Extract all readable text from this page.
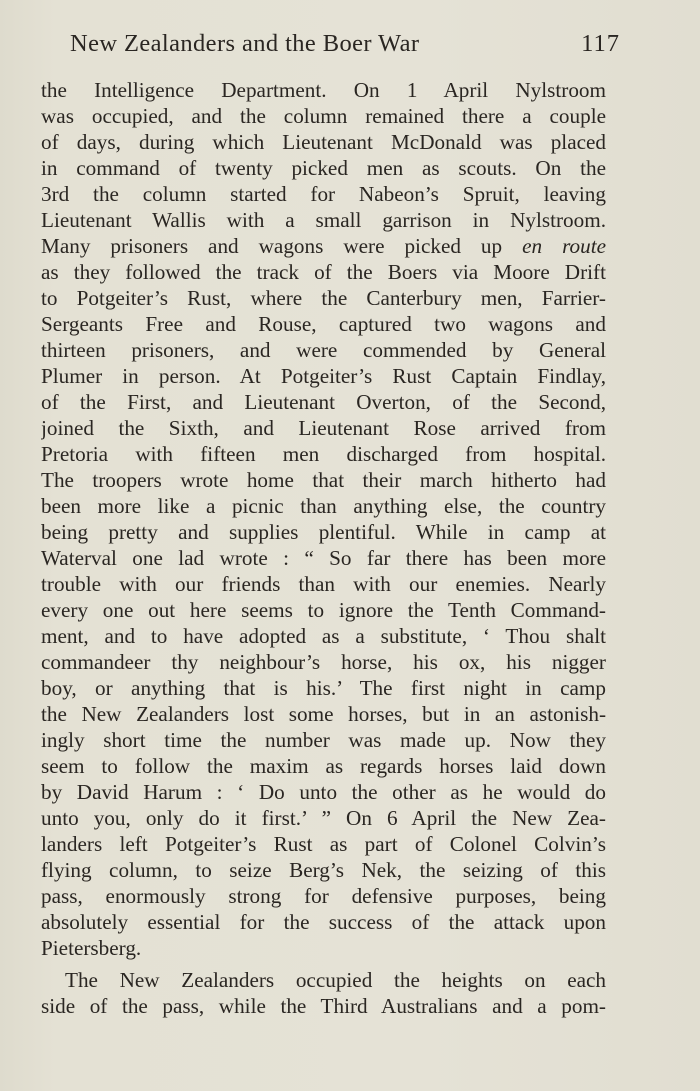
New Zealanders and the Boer War	117
the Intelligence Department. On 1 April Nylstroom
was occupied, and the column remained there a couple
of days, during which Lieutenant McDonald was placed
in command of twenty picked men as scouts. On the
3rd the column started for Nabeon’s Spruit, leaving
Lieutenant Wallis with a small garrison in Nylstroom.
Many prisoners and wagons were picked up en route
as they followed the track of the Boers via Moore Drift
to Potgeiter’s Rust, where the Canterbury men, Farrier-
Sergeants Free and Rouse, captured two wagons and
thirteen prisoners, and were commended by General
Plumer in person. At Potgeiter’s Rust Captain Findlay,
of the First, and Lieutenant Overton, of the Second,
joined the Sixth, and Lieutenant Rose arrived from
Pretoria with fifteen men discharged from hospital.
The troopers wrote home that their march hitherto had
been more like a picnic than anything else, the country
being pretty and supplies plentiful. While in camp at
Waterval one lad wrote : “ So far there has been more
trouble with our friends than with our enemies. Nearly
every one out here seems to ignore the Tenth Command-
ment, and to have adopted as a substitute, ‘ Thou shalt
commandeer thy neighbour’s horse, his ox, his nigger
boy, or anything that is his.’ The first night in camp
the New Zealanders lost some horses, but in an astonish-
ingly short time the number was made up. Now they
seem to follow the maxim as regards horses laid down
by David Harum : ‘ Do unto the other as he would do
unto you, only do it first.’ ” On 6 April the New Zea-
landers left Potgeiter’s Rust as part of Colonel Colvin’s
flying column, to seize Berg’s Nek, the seizing of this
pass, enormously strong for defensive purposes, being
absolutely essential for the success of the attack upon
Pietersberg.
The New Zealanders occupied the heights on each
side of the pass, while the Third Australians and a pom-
